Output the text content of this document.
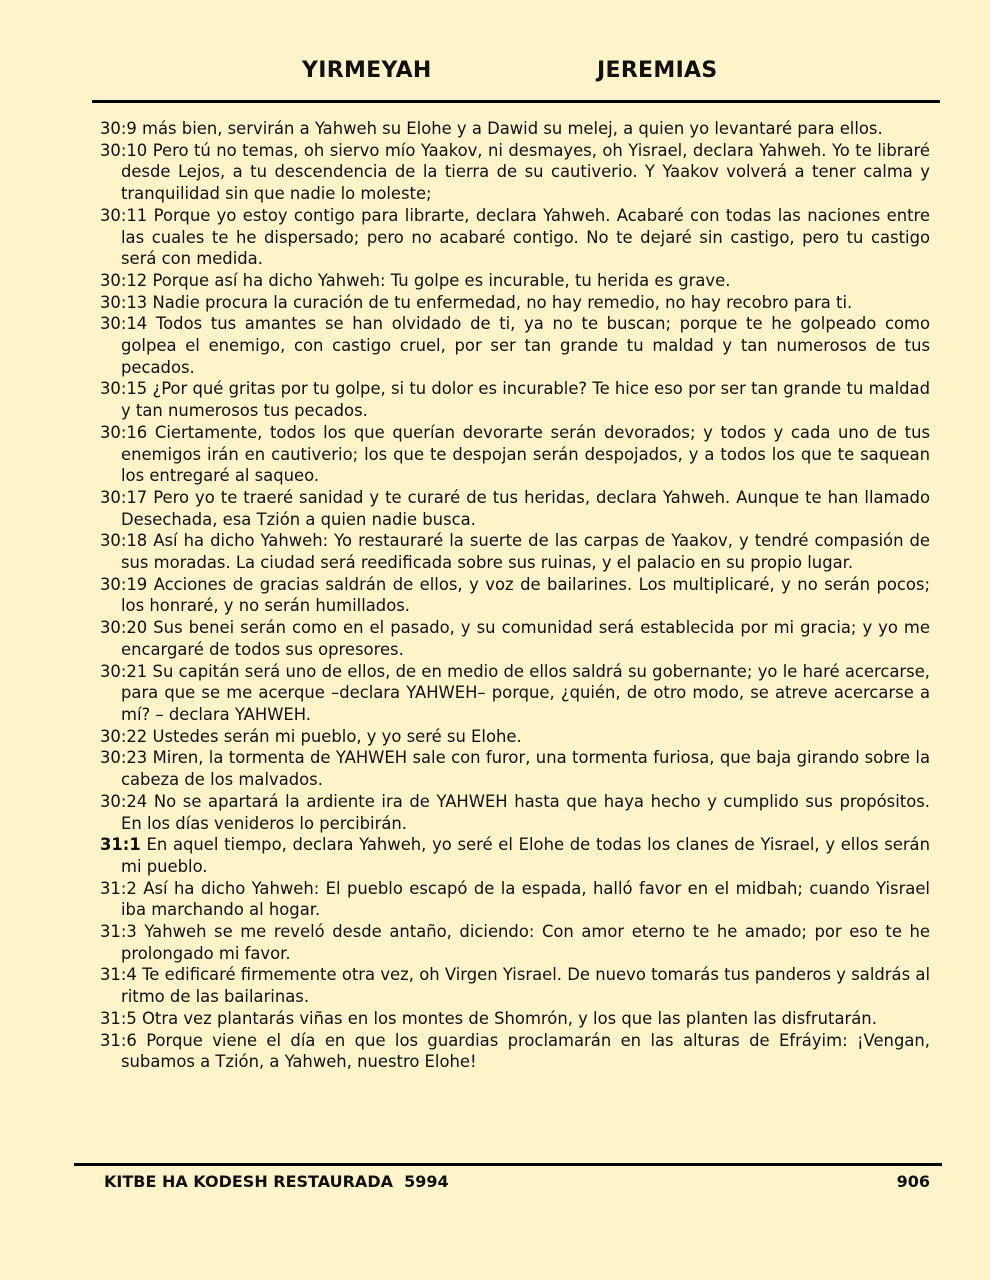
YIRMEYAH	JEREMIAS
30:9 más bien, servirán a Yahweh su Elohe y a Dawid su melej, a quien yo levantaré para ellos.
30:10 Pero tú no temas, oh siervo mío Yaakov, ni desmayes, oh Yisrael, declara Yahweh. Yo te libraré desde Lejos, a tu descendencia de la tierra de su cautiverio. Y Yaakov volverá a tener calma y tranquilidad sin que nadie lo moleste;
30:11 Porque yo estoy contigo para librarte, declara Yahweh. Acabaré con todas las naciones entre las cuales te he dispersado; pero no acabaré contigo. No te dejaré sin castigo, pero tu castigo será con medida.
30:12 Porque así ha dicho Yahweh: Tu golpe es incurable, tu herida es grave.
30:13 Nadie procura la curación de tu enfermedad, no hay remedio, no hay recobro para ti.
30:14 Todos tus amantes se han olvidado de ti, ya no te buscan; porque te he golpeado como golpea el enemigo, con castigo cruel, por ser tan grande tu maldad y tan numerosos de tus pecados.
30:15 ¿Por qué gritas por tu golpe, si tu dolor es incurable? Te hice eso por ser tan grande tu maldad y tan numerosos tus pecados.
30:16 Ciertamente, todos los que querían devorarte serán devorados; y todos y cada uno de tus enemigos irán en cautiverio; los que te despojan serán despojados, y a todos los que te saquean los entregaré al saqueo.
30:17 Pero yo te traeré sanidad y te curaré de tus heridas, declara Yahweh. Aunque te han llamado Desechada, esa Tzión a quien nadie busca.
30:18 Así ha dicho Yahweh: Yo restauraré la suerte de las carpas de Yaakov, y tendré compasión de sus moradas. La ciudad será reedificada sobre sus ruinas, y el palacio en su propio lugar.
30:19 Acciones de gracias saldrán de ellos, y voz de bailarines. Los multiplicaré, y no serán pocos; los honraré, y no serán humillados.
30:20 Sus benei serán como en el pasado, y su comunidad será establecida por mi gracia; y yo me encargaré de todos sus opresores.
30:21 Su capitán será uno de ellos, de en medio de ellos saldrá su gobernante; yo le haré acercarse, para que se me acerque –declara YAHWEH– porque, ¿quién, de otro modo, se atreve acercarse a mí? – declara YAHWEH.
30:22 Ustedes serán mi pueblo, y yo seré su Elohe.
30:23 Miren, la tormenta de YAHWEH sale con furor, una tormenta furiosa, que baja girando sobre la cabeza de los malvados.
30:24 No se apartará la ardiente ira de YAHWEH hasta que haya hecho y cumplido sus propósitos. En los días venideros lo percibirán.
31:1 En aquel tiempo, declara Yahweh, yo seré el Elohe de todas los clanes de Yisrael, y ellos serán mi pueblo.
31:2 Así ha dicho Yahweh: El pueblo escapó de la espada, halló favor en el midbah; cuando Yisrael iba marchando al hogar.
31:3 Yahweh se me reveló desde antaño, diciendo: Con amor eterno te he amado; por eso te he prolongado mi favor.
31:4 Te edificaré firmemente otra vez, oh Virgen Yisrael. De nuevo tomarás tus panderos y saldrás al ritmo de las bailarinas.
31:5 Otra vez plantarás viñas en los montes de Shomrón, y los que las planten las disfrutarán.
31:6 Porque viene el día en que los guardias proclamarán en las alturas de Efráyim: ¡Vengan, subamos a Tzión, a Yahweh, nuestro Elohe!
KITBE HA KODESH RESTAURADA  5994	906
